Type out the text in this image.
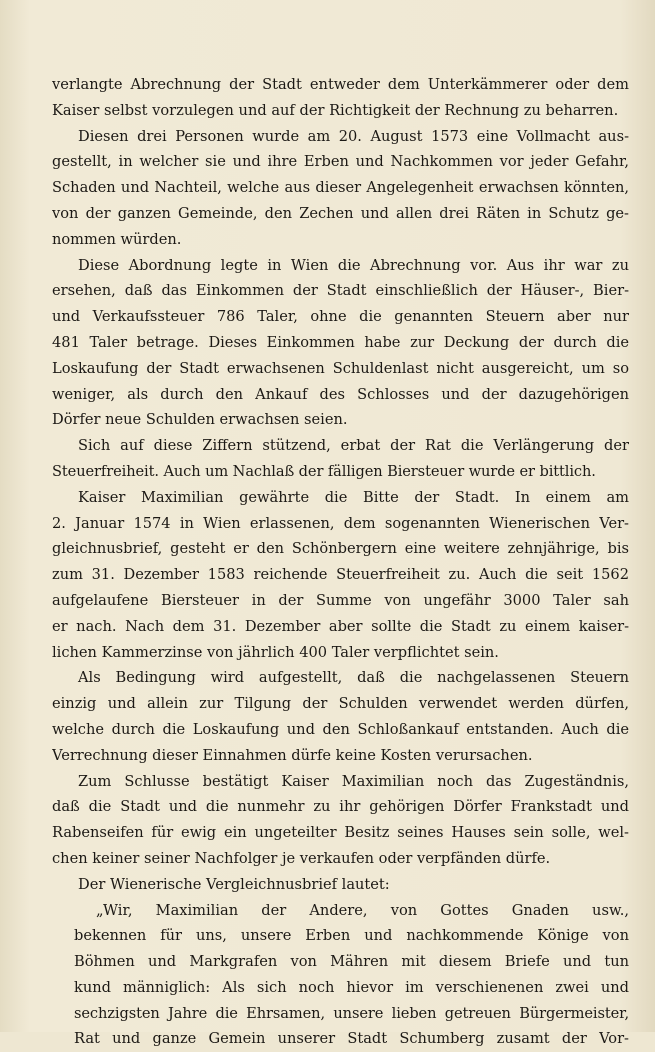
verlangte Abrechnung der Stadt entweder dem Unterkämmerer oder dem
Kaiser selbst vorzulegen und auf der Richtigkeit der Rechnung zu beharren.
Diesen drei Personen wurde am 20. August 1573 eine Vollmacht aus-
gestellt, in welcher sie und ihre Erben und Nachkommen vor jeder Gefahr,
Schaden und Nachteil, welche aus dieser Angelegenheit erwachsen könnten,
von der ganzen Gemeinde, den Zechen und allen drei Räten in Schutz ge-
nommen würden.
Diese Abordnung legte in Wien die Abrechnung vor. Aus ihr war zu
ersehen, daß das Einkommen der Stadt einschließlich der Häuser-, Bier-
und Verkaufssteuer 786 Taler, ohne die genannten Steuern aber nur
481 Taler betrage. Dieses Einkommen habe zur Deckung der durch die
Loskaufung der Stadt erwachsenen Schuldenlast nicht ausgereicht, um so
weniger, als durch den Ankauf des Schlosses und der dazugehörigen
Dörfer neue Schulden erwachsen seien.
Sich auf diese Ziffern stützend, erbat der Rat die Verlängerung der
Steuerfreiheit. Auch um Nachlaß der fälligen Biersteuer wurde er bittlich.
Kaiser Maximilian gewährte die Bitte der Stadt. In einem am
2. Januar 1574 in Wien erlassenen, dem sogenannten Wienerischen Ver-
gleichnusbrief, gesteht er den Schönbergern eine weitere zehnjährige, bis
zum 31. Dezember 1583 reichende Steuerfreiheit zu. Auch die seit 1562
aufgelaufene Biersteuer in der Summe von ungefähr 3000 Taler sah
er nach. Nach dem 31. Dezember aber sollte die Stadt zu einem kaiser-
lichen Kammerzinse von jährlich 400 Taler verpflichtet sein.
Als Bedingung wird aufgestellt, daß die nachgelassenen Steuern
einzig und allein zur Tilgung der Schulden verwendet werden dürfen,
welche durch die Loskaufung und den Schloßankauf entstanden. Auch die
Verrechnung dieser Einnahmen dürfe keine Kosten verursachen.
Zum Schlusse bestätigt Kaiser Maximilian noch das Zugeständnis,
daß die Stadt und die nunmehr zu ihr gehörigen Dörfer Frankstadt und
Rabenseifen für ewig ein ungeteilter Besitz seines Hauses sein solle, wel-
chen keiner seiner Nachfolger je verkaufen oder verpfänden dürfe.
Der Wienerische Vergleichnusbrief lautet:
„Wir, Maximilian der Andere, von Gottes Gnaden usw.,
bekennen für uns, unsere Erben und nachkommende Könige von
Böhmen und Markgrafen von Mähren mit diesem Briefe und tun
kund männiglich: Als sich noch hievor im verschienenen zwei und
sechzigsten Jahre die Ehrsamen, unsere lieben getreuen Bürgermeister,
Rat und ganze Gemein unserer Stadt Schumberg zusamt der Vor-
